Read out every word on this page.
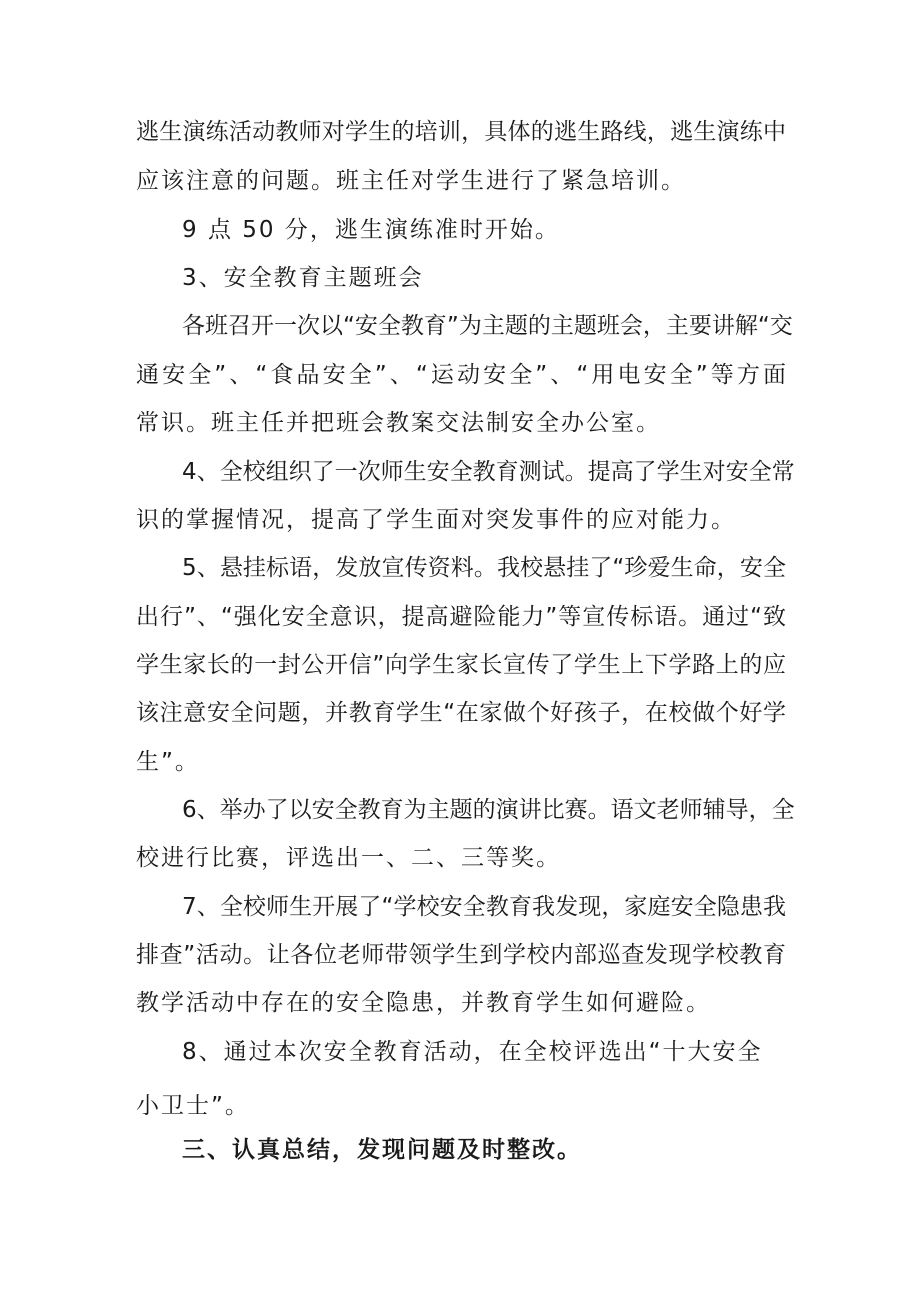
逃生演练活动教师对学生的培训，具体的逃生路线，逃生演练中
应该注意的问题。班主任对学生进行了紧急培训。
9 点 50 分，逃生演练准时开始。
3、安全教育主题班会
各班召开一次以“安全教育”为主题的主题班会，主要讲解“交
通安全”、“食品安全”、“运动安全”、“用电安全”等方面
常识。班主任并把班会教案交法制安全办公室。
4、全校组织了一次师生安全教育测试。提高了学生对安全常
识的掌握情况，提高了学生面对突发事件的应对能力。
5、悬挂标语，发放宣传资料。我校悬挂了“珍爱生命，安全
出行”、“强化安全意识，提高避险能力”等宣传标语。通过“致
学生家长的一封公开信”向学生家长宣传了学生上下学路上的应
该注意安全问题，并教育学生“在家做个好孩子，在校做个好学
生”。
6、举办了以安全教育为主题的演讲比赛。语文老师辅导，全
校进行比赛，评选出一、二、三等奖。
7、全校师生开展了“学校安全教育我发现，家庭安全隐患我
排查”活动。让各位老师带领学生到学校内部巡查发现学校教育
教学活动中存在的安全隐患，并教育学生如何避险。
8、通过本次安全教育活动，在全校评选出“十大安全
小卫士”。
三、认真总结，发现问题及时整改。
